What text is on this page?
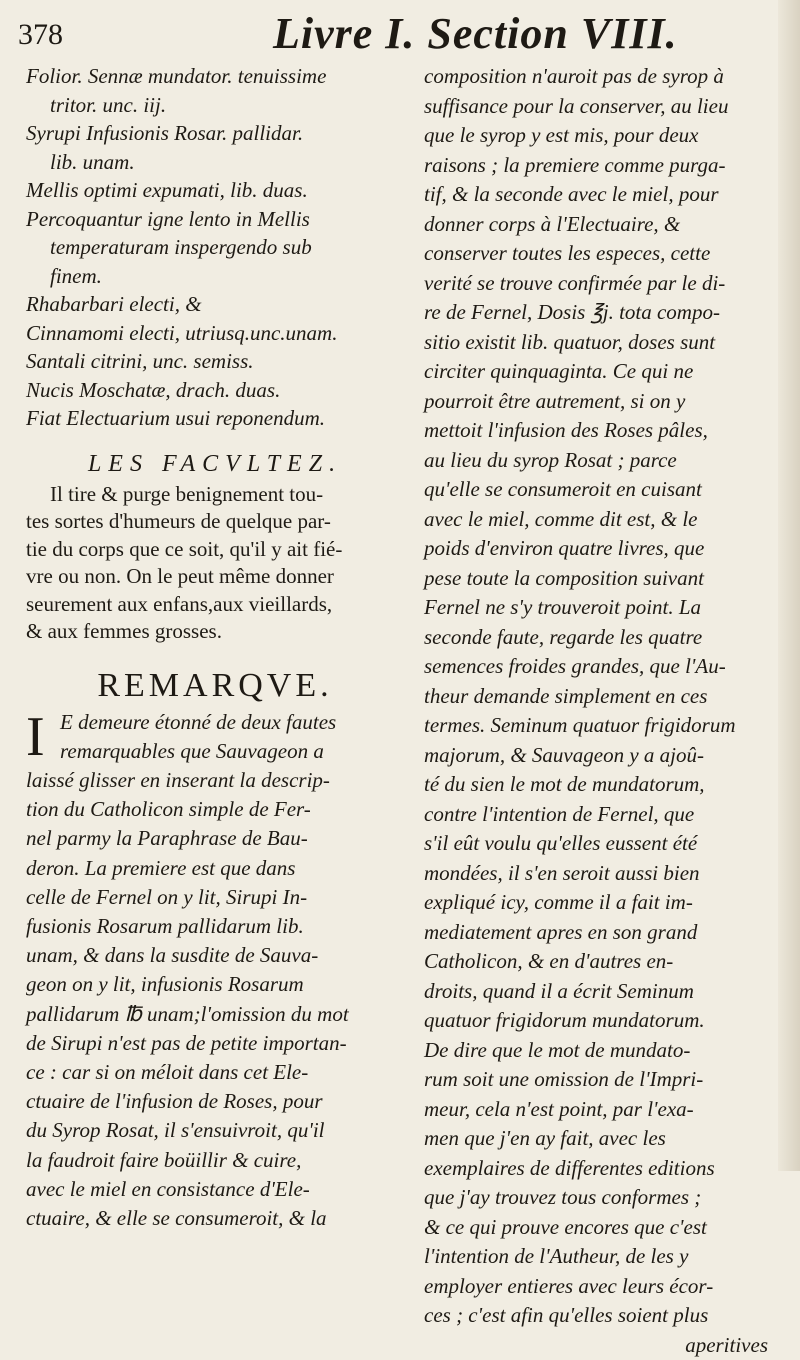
378	Livre I. Section VIII.
Folior. Sennæ mundator. tenuissime
tritor. unc. iij.
Syrupi Infusionis Rosar. pallidar.
lib. unam.
Mellis optimi expumati, lib. duas.
Percoquantur igne lento in Mellis
temperaturam inspergendo sub
finem.
Rhabarbari electi, &
Cinnamomi electi, utriusq.unc.unam.
Santali citrini, unc. semiss.
Nucis Moschatæ, drach. duas.
Fiat Electuarium usui reponendum.
LES FACVLTEZ.
Il tire & purge benignement tou-
tes sortes d'humeurs de quelque par-
tie du corps que ce soit, qu'il y ait fié-
vre ou non. On le peut même donner
seurement aux enfans,aux vieillards,
& aux femmes grosses.
REMARQVE.
I E demeure étonné de deux fautes
remarquables que Sauvageon a
laissé glisser en inserant la descrip-
tion du Catholicon simple de Fer-
nel parmy la Paraphrase de Bau-
deron. La premiere est que dans
celle de Fernel on y lit, Sirupi In-
fusionis Rosarum pallidarum lib.
unam, & dans la susdite de Sauva-
geon on y lit, infusionis Rosarum
pallidarum ℔ unam;l'omission du mot
de Sirupi n'est pas de petite importan-
ce : car si on méloit dans cet Ele-
ctuaire de l'infusion de Roses, pour
du Syrop Rosat, il s'ensuivroit, qu'il
la faudroit faire boüillir & cuire,
avec le miel en consistance d'Ele-
ctuaire, & elle se consumeroit, & la
composition n'auroit pas de syrop à
suffisance pour la conserver, au lieu
que le syrop y est mis, pour deux
raisons ; la premiere comme purga-
tif, & la seconde avec le miel, pour
donner corps à l'Electuaire, &
conserver toutes les especes, cette
verité se trouve confirmée par le di-
re de Fernel, Dosis ℥j. tota compo-
sitio existit lib. quatuor, doses sunt
circiter quinquaginta. Ce qui ne
pourroit être autrement, si on y
mettoit l'infusion des Roses pâles,
au lieu du syrop Rosat ; parce
qu'elle se consumeroit en cuisant
avec le miel, comme dit est, & le
poids d'environ quatre livres, que
pese toute la composition suivant
Fernel ne s'y trouveroit point. La
seconde faute, regarde les quatre
semences froides grandes, que l'Au-
theur demande simplement en ces
termes. Seminum quatuor frigidorum
majorum, & Sauvageon y a ajoû-
té du sien le mot de mundatorum,
contre l'intention de Fernel, que
s'il eût voulu qu'elles eussent été
mondées, il s'en seroit aussi bien
expliqué icy, comme il a fait im-
mediatement apres en son grand
Catholicon, & en d'autres en-
droits, quand il a écrit Seminum
quatuor frigidorum mundatorum.
De dire que le mot de mundato-
rum soit une omission de l'Impri-
meur, cela n'est point, par l'exa-
men que j'en ay fait, avec les
exemplaires de differentes editions
que j'ay trouvez tous conformes ;
& ce qui prouve encores que c'est
l'intention de l'Autheur, de les y
employer entieres avec leurs écor-
ces ; c'est afin qu'elles soient plus
aperitives
